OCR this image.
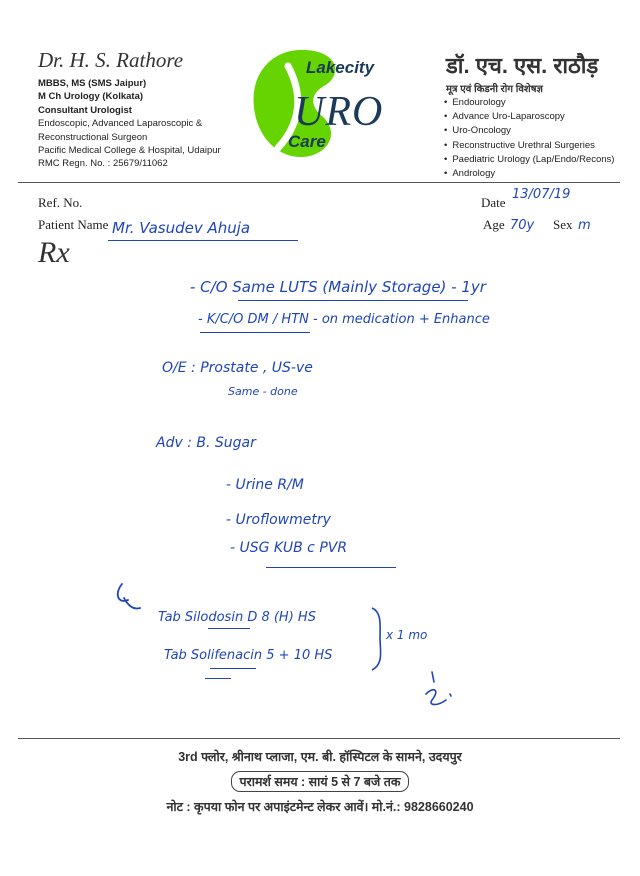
Dr. H. S. Rathore
MBBS, MS (SMS Jaipur)
M Ch Urology (Kolkata)
Consultant Urologist
Endoscopic, Advanced Laparoscopic &
Reconstructional Surgeon
Pacific Medical College & Hospital, Udaipur
RMC Regn. No. : 25679/11062
Lakecity
URO
Care
डॉ. एच. एस. राठौड़
मूत्र एवं किडनी रोग विशेषज्ञ
• Endourology
• Advance Uro-Laparoscopy
• Uro-Oncology
• Reconstructive Urethral Surgeries
• Paediatric Urology (Lap/Endo/Recons)
• Andrology
Ref. No.	Date
13/07/19
Patient Name Mr. Vasudev Ahuja	Age 70y Sex m
Rx
- C/O Same LUTS (Mainly Storage) - 1yr
- K/C/O DM / HTN - on medication + Enhance
O/E : Prostate , US-ve
Same - done
Adv : B. Sugar
- Urine R/M
- Uroflowmetry
- USG KUB c PVR
Tab Silodosin D 8 (H) HS
Tab Solifenacin 5 + 10 HS
x 1 mo
3rd फ्लोर, श्रीनाथ प्लाजा, एम. बी. हॉस्पिटल के सामने, उदयपुर
परामर्श समय : सायं 5 से 7 बजे तक
नोट : कृपया फोन पर अपाइंटमेन्ट लेकर आवें। मो.नं.: 9828660240
